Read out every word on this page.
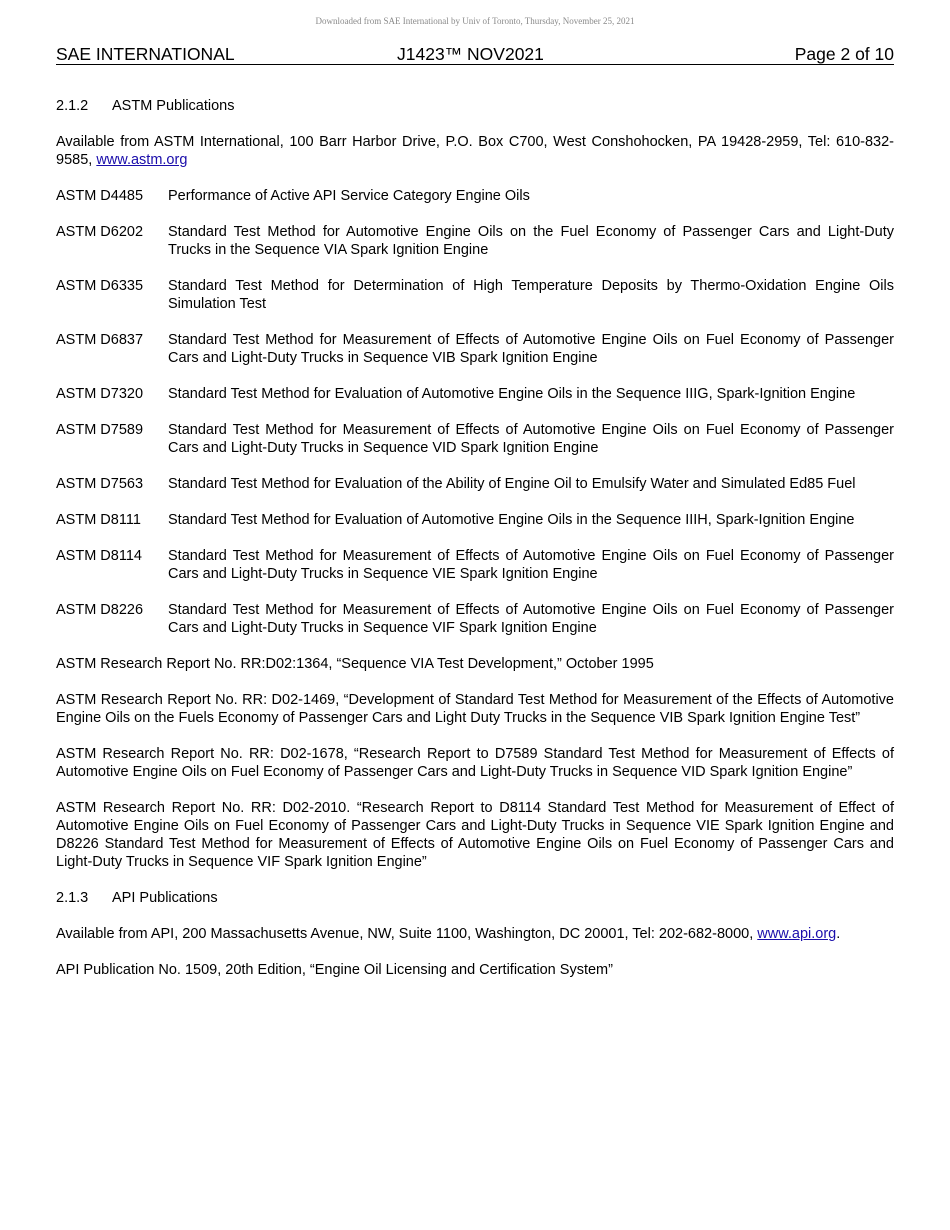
Downloaded from SAE International by Univ of Toronto, Thursday, November 25, 2021
SAE INTERNATIONAL	J1423™ NOV2021	Page 2 of 10
2.1.2 ASTM Publications

Available from ASTM International, 100 Barr Harbor Drive, P.O. Box C700, West Conshohocken, PA 19428-2959, Tel: 610-832-9585, www.astm.org

ASTM D4485	Performance of Active API Service Category Engine Oils
ASTM D6202	Standard Test Method for Automotive Engine Oils on the Fuel Economy of Passenger Cars and Light-Duty Trucks in the Sequence VIA Spark Ignition Engine
ASTM D6335	Standard Test Method for Determination of High Temperature Deposits by Thermo-Oxidation Engine Oils Simulation Test
ASTM D6837	Standard Test Method for Measurement of Effects of Automotive Engine Oils on Fuel Economy of Passenger Cars and Light-Duty Trucks in Sequence VIB Spark Ignition Engine
ASTM D7320	Standard Test Method for Evaluation of Automotive Engine Oils in the Sequence IIIG, Spark-Ignition Engine
ASTM D7589	Standard Test Method for Measurement of Effects of Automotive Engine Oils on Fuel Economy of Passenger Cars and Light-Duty Trucks in Sequence VID Spark Ignition Engine
ASTM D7563	Standard Test Method for Evaluation of the Ability of Engine Oil to Emulsify Water and Simulated Ed85 Fuel
ASTM D8111	Standard Test Method for Evaluation of Automotive Engine Oils in the Sequence IIIH, Spark-Ignition Engine
ASTM D8114	Standard Test Method for Measurement of Effects of Automotive Engine Oils on Fuel Economy of Passenger Cars and Light-Duty Trucks in Sequence VIE Spark Ignition Engine
ASTM D8226	Standard Test Method for Measurement of Effects of Automotive Engine Oils on Fuel Economy of Passenger Cars and Light-Duty Trucks in Sequence VIF Spark Ignition Engine

ASTM Research Report No. RR:D02:1364, “Sequence VIA Test Development,” October 1995

ASTM Research Report No. RR: D02-1469, “Development of Standard Test Method for Measurement of the Effects of Automotive Engine Oils on the Fuels Economy of Passenger Cars and Light Duty Trucks in the Sequence VIB Spark Ignition Engine Test”

ASTM Research Report No. RR: D02-1678, “Research Report to D7589 Standard Test Method for Measurement of Effects of Automotive Engine Oils on Fuel Economy of Passenger Cars and Light-Duty Trucks in Sequence VID Spark Ignition Engine”

ASTM Research Report No. RR: D02-2010. “Research Report to D8114 Standard Test Method for Measurement of Effect of Automotive Engine Oils on Fuel Economy of Passenger Cars and Light-Duty Trucks in Sequence VIE Spark Ignition Engine and D8226 Standard Test Method for Measurement of Effects of Automotive Engine Oils on Fuel Economy of Passenger Cars and Light-Duty Trucks in Sequence VIF Spark Ignition Engine”

2.1.3 API Publications

Available from API, 200 Massachusetts Avenue, NW, Suite 1100, Washington, DC 20001, Tel: 202-682-8000, www.api.org.

API Publication No. 1509, 20th Edition, “Engine Oil Licensing and Certification System”
